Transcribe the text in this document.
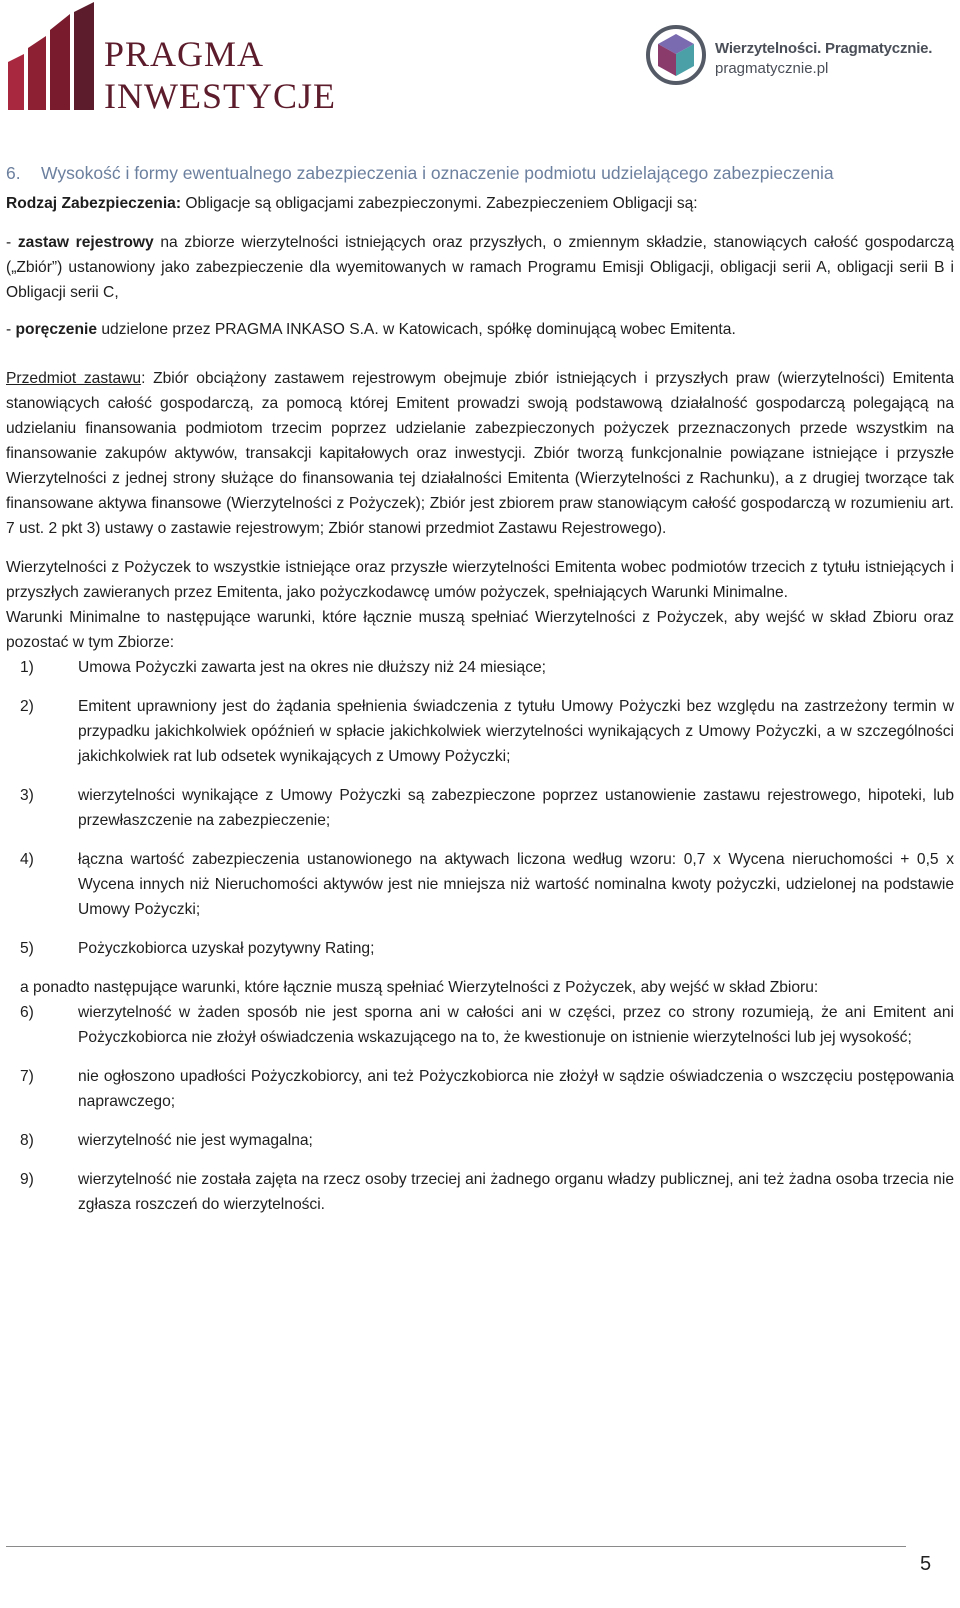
PRAGMA
INWESTYCJE
Wierzytelności. Pragmatycznie.
pragmatycznie.pl
6.	Wysokość i formy ewentualnego zabezpieczenia i oznaczenie podmiotu udzielającego zabezpieczenia

Rodzaj Zabezpieczenia: Obligacje są obligacjami zabezpieczonymi. Zabezpieczeniem Obligacji są:

- zastaw rejestrowy na zbiorze wierzytelności istniejących oraz przyszłych, o zmiennym składzie, stanowiących całość gospodarczą („Zbiór”) ustanowiony jako zabezpieczenie dla wyemitowanych w ramach Programu Emisji Obligacji, obligacji serii A, obligacji serii B i Obligacji serii C,

- poręczenie udzielone przez PRAGMA INKASO S.A. w Katowicach, spółkę dominującą wobec Emitenta.

Przedmiot zastawu: Zbiór obciążony zastawem rejestrowym obejmuje zbiór istniejących i przyszłych praw (wierzytelności) Emitenta stanowiących całość gospodarczą, za pomocą której Emitent prowadzi swoją podstawową działalność gospodarczą polegającą na udzielaniu finansowania podmiotom trzecim poprzez udzielanie zabezpieczonych pożyczek przeznaczonych przede wszystkim na finansowanie zakupów aktywów, transakcji kapitałowych oraz inwestycji. Zbiór tworzą funkcjonalnie powiązane istniejące i przyszłe Wierzytelności z jednej strony służące do finansowania tej działalności Emitenta (Wierzytelności z Rachunku), a z drugiej tworzące tak finansowane aktywa finansowe (Wierzytelności z Pożyczek); Zbiór jest zbiorem praw stanowiącym całość gospodarczą w rozumieniu art. 7 ust. 2 pkt 3) ustawy o zastawie rejestrowym; Zbiór stanowi przedmiot Zastawu Rejestrowego).

Wierzytelności z Pożyczek to wszystkie istniejące oraz przyszłe wierzytelności Emitenta wobec podmiotów trzecich z tytułu istniejących i przyszłych zawieranych przez Emitenta, jako pożyczkodawcę umów pożyczek, spełniających Warunki Minimalne.

Warunki Minimalne to następujące warunki, które łącznie muszą spełniać Wierzytelności z Pożyczek, aby wejść w skład Zbioru oraz pozostać w tym Zbiorze:

1)	Umowa Pożyczki zawarta jest na okres nie dłuższy niż 24 miesiące;
2)	Emitent uprawniony jest do żądania spełnienia świadczenia z tytułu Umowy Pożyczki bez względu na zastrzeżony termin w przypadku jakichkolwiek opóźnień w spłacie jakichkolwiek wierzytelności wynikających z Umowy Pożyczki, a w szczególności jakichkolwiek rat lub odsetek wynikających z Umowy Pożyczki;
3)	wierzytelności wynikające z Umowy Pożyczki są zabezpieczone poprzez ustanowienie zastawu rejestrowego, hipoteki, lub przewłaszczenie na zabezpieczenie;
4)	łączna wartość zabezpieczenia ustanowionego na aktywach liczona według wzoru: 0,7 x Wycena nieruchomości + 0,5 x Wycena innych niż Nieruchomości aktywów jest nie mniejsza niż wartość nominalna kwoty pożyczki, udzielonej na podstawie Umowy Pożyczki;
5)	Pożyczkobiorca uzyskał pozytywny Rating;

a ponadto następujące warunki, które łącznie muszą spełniać Wierzytelności z Pożyczek, aby wejść w skład Zbioru:

6)	wierzytelność w żaden sposób nie jest sporna ani w całości ani w części, przez co strony rozumieją, że ani Emitent ani Pożyczkobiorca nie złożył oświadczenia wskazującego na to, że kwestionuje on istnienie wierzytelności lub jej wysokość;
7)	nie ogłoszono upadłości Pożyczkobiorcy, ani też Pożyczkobiorca nie złożył w sądzie oświadczenia o wszczęciu postępowania naprawczego;
8)	wierzytelność nie jest wymagalna;
9)	wierzytelność nie została zajęta na rzecz osoby trzeciej ani żadnego organu władzy publicznej, ani też żadna osoba trzecia nie zgłasza roszczeń do wierzytelności.
5
